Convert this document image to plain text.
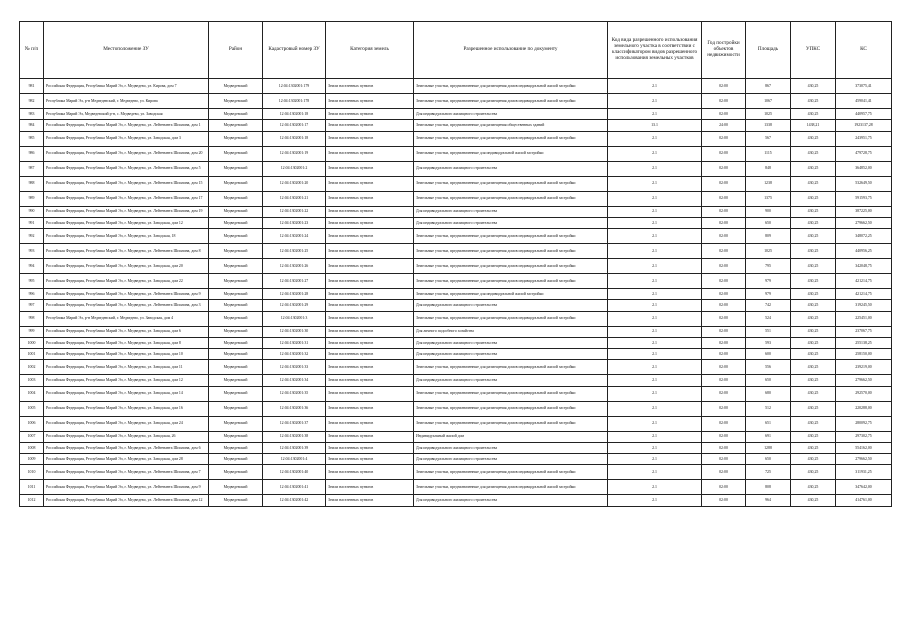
№ п/п	Местоположение ЗУ	Район	Кадастровый номер ЗУ	Категория земель	Разрешенное использование по документу	Код вида разрешенного использования земельного участка в соответствии с классификатором видов разрешенного использования земельных участков	Год постройки объектов недвижимости	Площадь	УПКС	КС
981	Российская Федерация, Республика Марий Эл, г. Медведево, ул. Кирова, дом 7	Медведевский	12:04:1302001:179	Земли населенных пунктов	Земельные участки, предназначенные для размещения домов индивидуальной жилой застройки	2.1	02:00	867	430,25	373075,41
982	Республика Марий Эл, р-н Медведевский, г. Медведево, ул. Кирова	Медведевский	12:04:1302001:178	Земли населенных пунктов	Земельные участки, предназначенные для размещения домов индивидуальной жилой застройки	2.1	02:00	1067	430,25	459041,41
983	Республика Марий Эл, Медведевский р-н, с. Медведево, ул. Заводская	Медведевский	12:04:1302001:18	Земли населенных пунктов	Для индивидуального жилищного строительства	2.1	02:00	1025	430,25	440957,75
984	Российская Федерация, Республика Марий Эл, г. Медведево, ул. Лейтенанта Шпилина, дом 1	Медведевский	12:04:1302001:17	Земли населенных пунктов	Земельные участки, предназначенные для размещения общественных зданий	13.1	24:00	1338	1438,21	1923137,28
985	Российская Федерация, Республика Марий Эл, г. Медведево, ул. Заводская, дом 3	Медведевский	12:04:1302001:18	Земли населенных пунктов	Земельные участки, предназначенные для размещения домов индивидуальной жилой застройки	2.1	02:00	567	430,25	243951,75
986	Российская Федерация, Республика Марий Эл, г. Медведево, ул. Лейтенанта Шпилина, дом 20	Медведевский	12:04:1302001:19	Земли населенных пунктов	Земельные участки, предназначенные для индивидуальной жилой застройки	2.1	02:00	1115	430,25	479728,75
987	Российская Федерация, Республика Марий Эл, г. Медведево, ул. Лейтенанта Шпилина, дом 5	Медведевский	12:04:1302001:2	Земли населенных пунктов	Для индивидуального жилищного строительства	2.1	02:00	848	430,25	364852,00
988	Российская Федерация, Республика Марий Эл, г. Медведево, ул. Лейтенанта Шпилина, дом 15	Медведевский	12:04:1302001:20	Земли населенных пунктов	Земельные участки, предназначенные для размещения домов индивидуальной жилой застройки	2.1	02:00	1238	430,25	532649,50
989	Российская Федерация, Республика Марий Эл, г. Медведево, ул. Лейтенанта Шпилина, дом 17	Медведевский	12:04:1302001:21	Земли населенных пунктов	Земельные участки, предназначенные для размещения домов индивидуальной жилой застройки	2.1	02:00	1375	430,25	591593,75
990	Российская Федерация, Республика Марий Эл, г. Медведево, ул. Лейтенанта Шпилина, дом 19	Медведевский	12:04:1302001:22	Земли населенных пунктов	Для индивидуального жилищного строительства	2.1	02:00	900	430,25	387225,00
991	Российская Федерация, Республика Марий Эл, г. Медведево, ул. Заводская, дом 12	Медведевский	12:04:1302001:23	Земли населенных пунктов	Для индивидуального жилищного строительства	2.1	02:00	650	430,25	279662,50
992	Российская Федерация, Республика Марий Эл, г. Медведево, ул. Заводская, 18	Медведевский	12:04:1302001:24	Земли населенных пунктов	Земельные участки, предназначенные для размещения домов индивидуальной жилой застройки	2.1	02:00	809	430,25	348072,25
993	Российская Федерация, Республика Марий Эл, г. Медведево, ул. Лейтенанта Шпилина, дом 8	Медведевский	12:04:1302001:25	Земли населенных пунктов	Земельные участки, предназначенные для размещения домов индивидуальной жилой застройки	2.1	02:00	1025	430,25	440956,25
994	Российская Федерация, Республика Марий Эл, г. Медведево, ул. Заводская, дом 20	Медведевский	12:04:1302001:26	Земли населенных пунктов	Земельные участки, предназначенные для размещения домов индивидуальной жилой застройки	2.1	02:00	795	430,25	342048,75
995	Российская Федерация, Республика Марий Эл, г. Медведево, ул. Заводская, дом 22	Медведевский	12:04:1302001:27	Земли населенных пунктов	Земельные участки, предназначенные для размещения домов индивидуальной жилой застройки	2.1	02:00	979	430,25	421214,75
996	Российская Федерация, Республика Марий Эл, г. Медведево, ул. Лейтенанта Шпилина, дом 9	Медведевский	12:04:1302001:28	Земли населенных пунктов	Земельные участки, предназначенные для индивидуальной жилой застройки	2.1	02:00	979	430,25	421214,75
997	Российская Федерация, Республика Марий Эл, г. Медведево, ул. Лейтенанта Шпилина, дом 3	Медведевский	12:04:1302001:29	Земли населенных пунктов	Для индивидуального жилищного строительства	2.1	02:00	742	430,25	319245,50
998	Республика Марий Эл, р-н Медведевский, г. Медведево, ул. Заводская, дом 4	Медведевский	12:04:1302001:3	Земли населенных пунктов	Земельные участки, предназначенные для размещения домов индивидуальной жилой застройки	2.1	02:00	524	430,25	225451,00
999	Российская Федерация, Республика Марий Эл, г. Медведево, ул. Заводская, дом 6	Медведевский	12:04:1302001:30	Земли населенных пунктов	Для личного подсобного хозяйства	2.1	02:00	551	430,25	237067,75
1000	Российская Федерация, Республика Марий Эл, г. Медведево, ул. Заводская, дом 8	Медведевский	12:04:1302001:31	Земли населенных пунктов	Для индивидуального жилищного строительства	2.1	02:00	593	430,25	255138,25
1001	Российская Федерация, Республика Марий Эл, г. Медведево, ул. Заводская, дом 10	Медведевский	12:04:1302001:32	Земли населенных пунктов	Для индивидуального жилищного строительства	2.1	02:00	600	430,25	258150,00
1002	Российская Федерация, Республика Марий Эл, г. Медведево, ул. Заводская, дом 11	Медведевский	12:04:1302001:33	Земли населенных пунктов	Земельные участки, предназначенные для размещения домов индивидуальной жилой застройки	2.1	02:00	556	430,25	239219,00
1003	Российская Федерация, Республика Марий Эл, г. Медведево, ул. Заводская, дом 12	Медведевский	12:04:1302001:34	Земли населенных пунктов	Для индивидуального жилищного строительства	2.1	02:00	650	430,25	279662,50
1004	Российская Федерация, Республика Марий Эл, г. Медведево, ул. Заводская, дом 14	Медведевский	12:04:1302001:35	Земли населенных пунктов	Земельные участки, предназначенные для размещения домов индивидуальной жилой застройки	2.1	02:00	680	430,25	292570,00
1005	Российская Федерация, Республика Марий Эл, г. Медведево, ул. Заводская, дом 16	Медведевский	12:04:1302001:36	Земли населенных пунктов	Земельные участки, предназначенные для размещения домов индивидуальной жилой застройки	2.1	02:00	512	430,25	220288,00
1006	Российская Федерация, Республика Марий Эл, г. Медведево, ул. Заводская, дом 24	Медведевский	12:04:1302001:37	Земли населенных пунктов	Земельные участки, предназначенные для размещения домов индивидуальной жилой застройки	2.1	02:00	651	430,25	280092,75
1007	Российская Федерация, Республика Марий Эл, г. Медведево, ул. Заводская, 26	Медведевский	12:04:1302001:38	Земли населенных пунктов	Индивидуальный жилой дом	2.1	02:00	691	430,25	297302,75
1008	Российская Федерация, Республика Марий Эл, г. Медведево, ул. Лейтенанта Шпилина, дом 6	Медведевский	12:04:1302001:39	Земли населенных пунктов	Для индивидуального жилищного строительства	2.1	02:00	1288	430,25	554162,00
1009	Российская Федерация, Республика Марий Эл, г. Медведево, ул. Заводская, дом 28	Медведевский	12:04:1302001:4	Земли населенных пунктов	Для индивидуального жилищного строительства	2.1	02:00	650	430,25	279662,50
1010	Российская Федерация, Республика Марий Эл, г. Медведево, ул. Лейтенанта Шпилина, дом 7	Медведевский	12:04:1302001:40	Земли населенных пунктов	Земельные участки, предназначенные для размещения домов индивидуальной жилой застройки	2.1	02:00	725	430,25	311931,25
1011	Российская Федерация, Республика Марий Эл, г. Медведево, ул. Лейтенанта Шпилина, дом 9	Медведевский	12:04:1302001:41	Земли населенных пунктов	Земельные участки, предназначенные для размещения домов индивидуальной жилой застройки	2.1	02:00	808	430,25	347642,00
1012	Российская Федерация, Республика Марий Эл, г. Медведево, ул. Лейтенанта Шпилина, дом 12	Медведевский	12:04:1302001:42	Земли населенных пунктов	Для индивидуального жилищного строительства	2.1	02:00	964	430,25	414761,00
